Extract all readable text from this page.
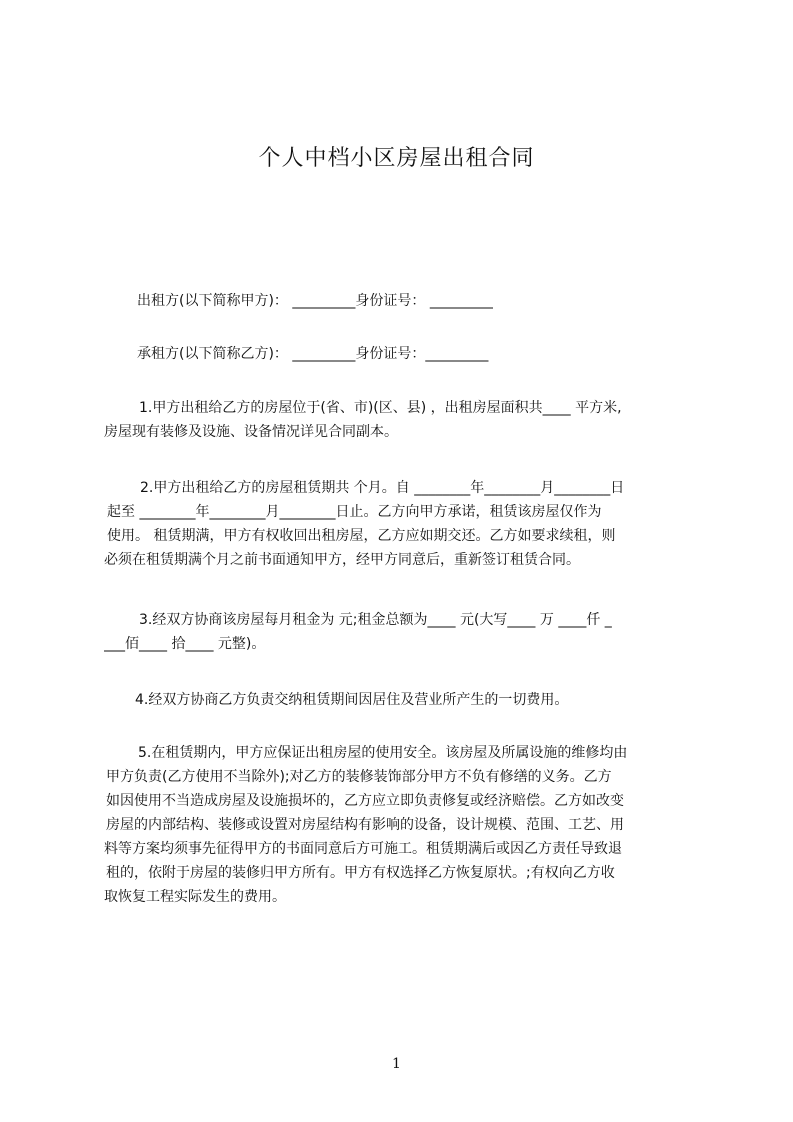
个人中档小区房屋出租合同
出租方(以下简称甲方)： _________身份证号： _________
承租方(以下简称乙方)： _________身份证号：_________
1.甲方出租给乙方的房屋位于(省、市)(区、县) ，出租房屋面积共____ 平方米,
房屋现有装修及设施、设备情况详见合同副本。
2.甲方出租给乙方的房屋租赁期共 个月。自 ________年________月________日
起至 ________年________月________日止。乙方向甲方承诺，租赁该房屋仅作为
使用。 租赁期满，甲方有权收回出租房屋，乙方应如期交还。乙方如要求续租，则
必须在租赁期满个月之前书面通知甲方，经甲方同意后，重新签订租赁合同。
3.经双方协商该房屋每月租金为 元;租金总额为____ 元(大写____ 万 ____仟 _
___佰____ 拾____ 元整)。
4.经双方协商乙方负责交纳租赁期间因居住及营业所产生的一切费用。
5.在租赁期内，甲方应保证出租房屋的使用安全。该房屋及所属设施的维修均由
甲方负责(乙方使用不当除外);对乙方的装修装饰部分甲方不负有修缮的义务。乙方
如因使用不当造成房屋及设施损坏的，乙方应立即负责修复或经济赔偿。乙方如改变
房屋的内部结构、装修或设置对房屋结构有影响的设备，设计规模、范围、工艺、用
料等方案均须事先征得甲方的书面同意后方可施工。租赁期满后或因乙方责任导致退
租的，依附于房屋的装修归甲方所有。甲方有权选择乙方恢复原状。;有权向乙方收
取恢复工程实际发生的费用。
1
